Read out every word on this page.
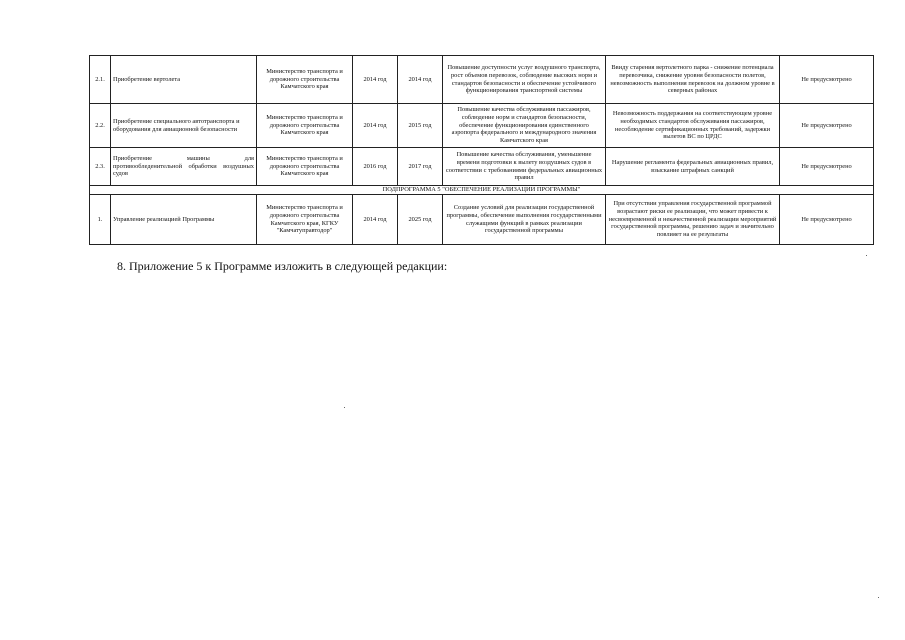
2.1.	Приобретение вертолета	Министерство транспорта и дорожного строительства Камчатского края	2014 год	2014 год	Повышение доступности услуг воздушного транспорта, рост объемов перевозок, соблюдение высоких норм и стандартов безопасности и обеспечение устойчивого функционирования транспортной системы	Ввиду старения вертолетного парка - снижение потенциала перевозчика, снижение уровня безопасности полетов, невозможность выполнения перевозок на должном уровне в северных районах	Не предусмотрено
2.2.	Приобретение специального автотранспорта и оборудования для авиационной безопасности	Министерство транспорта и дорожного строительства Камчатского края	2014 год	2015 год	Повышение качества обслуживания пассажиров, соблюдение норм и стандартов безопасности, обеспечение функционирования единственного аэропорта федерального и международного значения Камчатского края	Невозможность поддержания на соответствующем уровне необходимых стандартов обслуживания пассажиров, несоблюдение сертификационных требований, задержки вылетов ВС по ЦРДС	Не предусмотрено
2.3.	Приобретение машины для противообледенительной обработки воздушных судов	Министерство транспорта и дорожного строительства Камчатского края	2016 год	2017 год	Повышение качества обслуживания, уменьшение времени подготовки к вылету воздушных судов в соответствии с требованиями федеральных авиационных правил	Нарушение регламента федеральных авиационных правил, взыскание штрафных санкций	Не предусмотрено
ПОДПРОГРАММА 5 "ОБЕСПЕЧЕНИЕ РЕАЛИЗАЦИИ ПРОГРАММЫ"							
1.	Управление реализацией Программы	Министерство транспорта и дорожного строительства Камчатского края, КГКУ "Камчатуправтодор"	2014 год	2025 год	Создание условий для реализации государственной программы, обеспечение выполнения государственными служащими функций в рамках реализации государственной программы	При отсутствии управления государственной программой возрастают риски ее реализации, что может привести к несвоевременной и некачественной реализации мероприятий государственной программы, решению задач и значительно повлияет на ее результаты	Не предусмотрено
8. Приложение 5 к Программе изложить в следующей редакции:
